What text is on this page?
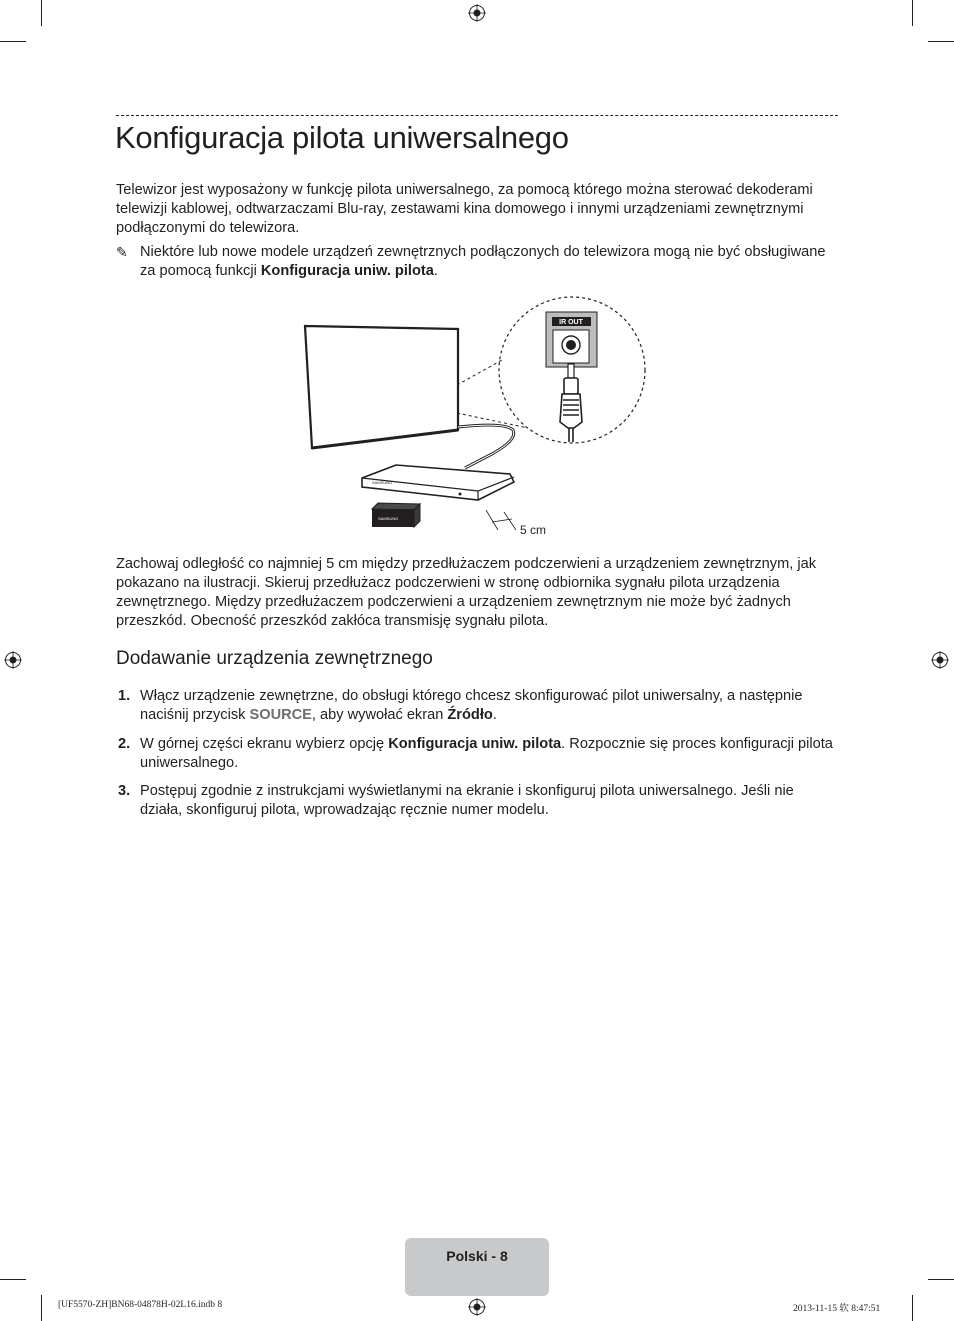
Konfiguracja pilota uniwersalnego

Telewizor jest wyposażony w funkcję pilota uniwersalnego, za pomocą którego można sterować dekoderami telewizji kablowej, odtwarzaczami Blu-ray, zestawami kina domowego i innymi urządzeniami zewnętrznymi podłączonymi do telewizora.

✎ Niektóre lub nowe modele urządzeń zewnętrznych podłączonych do telewizora mogą nie być obsługiwane za pomocą funkcji Konfiguracja uniw. pilota.
SAMSUNG
SAMSUNG
5 cm
IR OUT

Zachowaj odległość co najmniej 5 cm między przedłużaczem podczerwieni a urządzeniem zewnętrznym, jak pokazano na ilustracji. Skieruj przedłużacz podczerwieni w stronę odbiornika sygnału pilota urządzenia zewnętrznego. Między przedłużaczem podczerwieni a urządzeniem zewnętrznym nie może być żadnych przeszkód. Obecność przeszkód zakłóca transmisję sygnału pilota.

Dodawanie urządzenia zewnętrznego
1. Włącz urządzenie zewnętrzne, do obsługi którego chcesz skonfigurować pilot uniwersalny, a następnie naciśnij przycisk SOURCE, aby wywołać ekran Źródło.
2. W górnej części ekranu wybierz opcję Konfiguracja uniw. pilota. Rozpocznie się proces konfiguracji pilota uniwersalnego.
3. Postępuj zgodnie z instrukcjami wyświetlanymi na ekranie i skonfiguruj pilota uniwersalnego. Jeśli nie działa, skonfiguruj pilota, wprowadzając ręcznie numer modelu.
Polski - 8
[UF5570-ZH]BN68-04878H-02L16.indb 8	2013-11-15 软 8:47:51
